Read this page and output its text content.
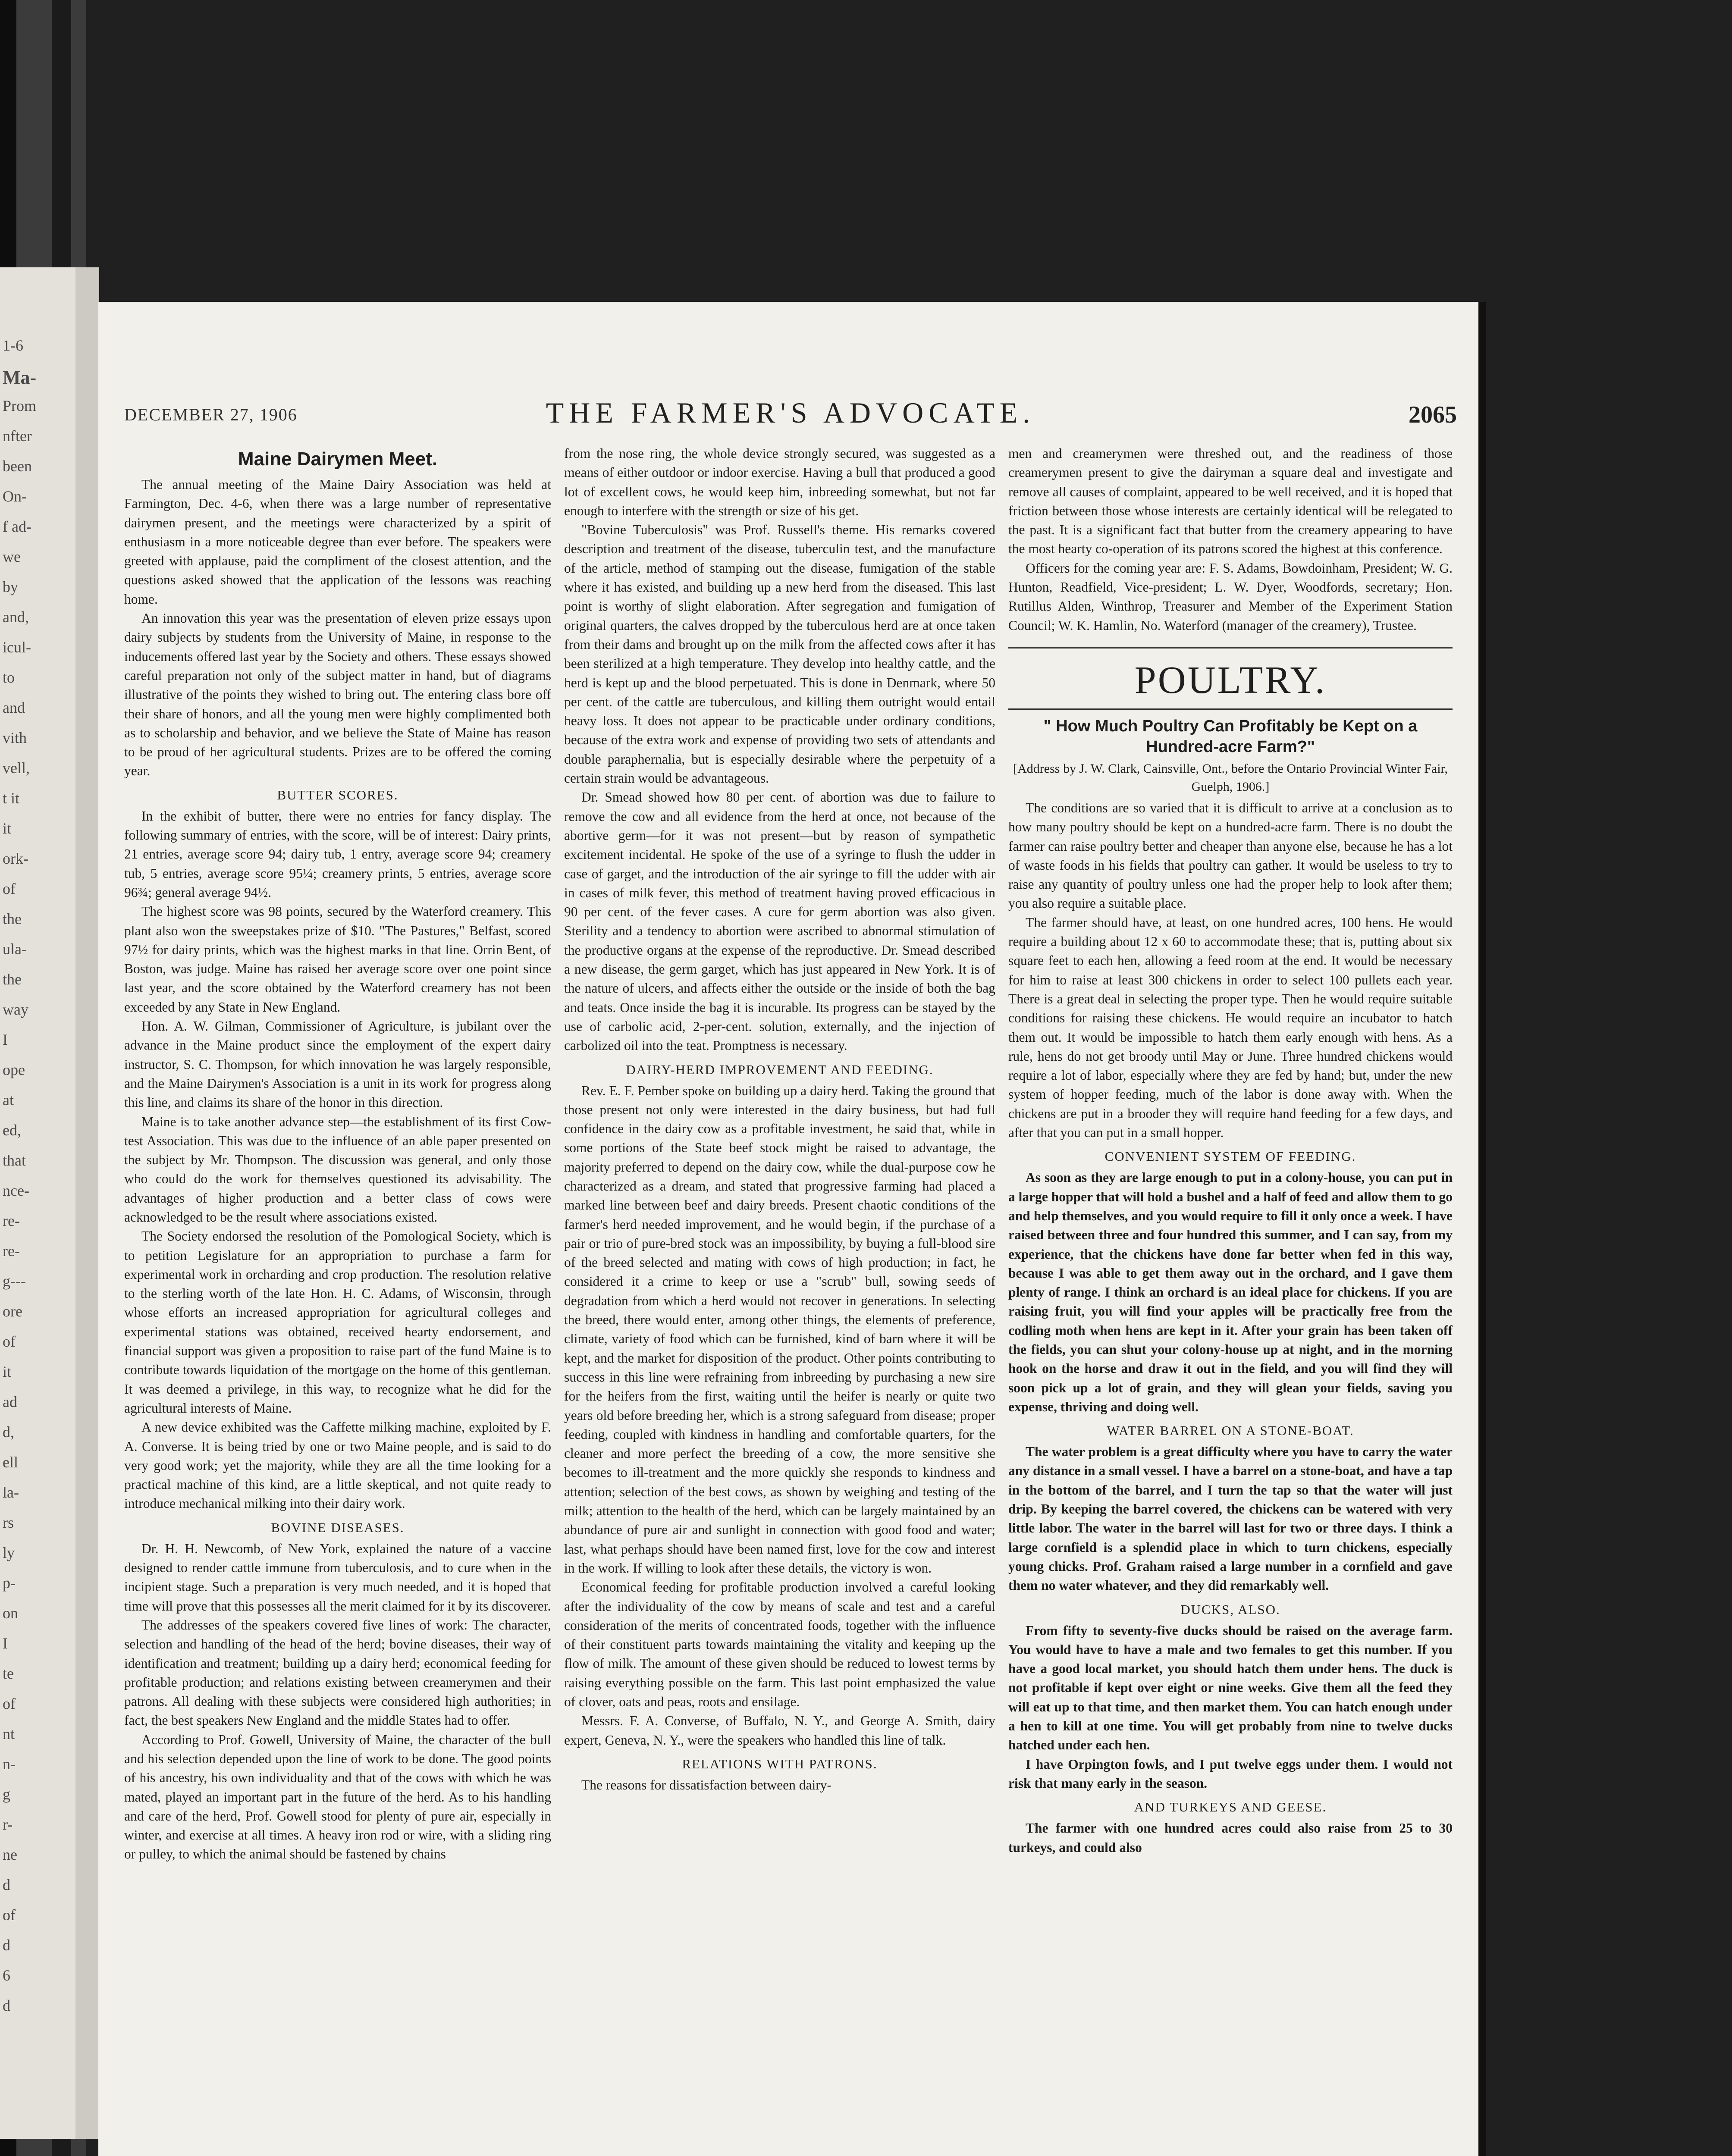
1-6
Ma-
Prom
nfter
been
On-
f ad-
we
by
and,
icul-
to
and
vith
vell,
t it
it
ork-
of
the
ula-
the
way
I
ope
at
ed,
that
nce-
re-
re-
g---
ore
of
it
ad
d,
ell
la-
rs
ly
p-
on
I
te
of
nt
n-
g
r-
ne
d
of
d
6
d
DECEMBER 27, 1906	THE FARMER'S ADVOCATE.	2065
Maine Dairymen Meet.

The annual meeting of the Maine Dairy Association was held at Farmington, Dec. 4-6, when there was a large number of representative dairymen present, and the meetings were characterized by a spirit of enthusiasm in a more noticeable degree than ever before. The speakers were greeted with applause, paid the compliment of the closest attention, and the questions asked showed that the application of the lessons was reaching home.

An innovation this year was the presentation of eleven prize essays upon dairy subjects by students from the University of Maine, in response to the inducements offered last year by the Society and others. These essays showed careful preparation not only of the subject matter in hand, but of diagrams illustrative of the points they wished to bring out. The entering class bore off their share of honors, and all the young men were highly complimented both as to scholarship and behavior, and we believe the State of Maine has reason to be proud of her agricultural students. Prizes are to be offered the coming year.

BUTTER SCORES.

In the exhibit of butter, there were no entries for fancy display. The following summary of entries, with the score, will be of interest: Dairy prints, 21 entries, average score 94; dairy tub, 1 entry, average score 94; creamery tub, 5 entries, average score 95¼; creamery prints, 5 entries, average score 96¾; general average 94½.

The highest score was 98 points, secured by the Waterford creamery. This plant also won the sweepstakes prize of $10. "The Pastures," Belfast, scored 97½ for dairy prints, which was the highest marks in that line. Orrin Bent, of Boston, was judge. Maine has raised her average score over one point since last year, and the score obtained by the Waterford creamery has not been exceeded by any State in New England.

Hon. A. W. Gilman, Commissioner of Agriculture, is jubilant over the advance in the Maine product since the employment of the expert dairy instructor, S. C. Thompson, for which innovation he was largely responsible, and the Maine Dairymen's Association is a unit in its work for progress along this line, and claims its share of the honor in this direction.

Maine is to take another advance step—the establishment of its first Cow-test Association. This was due to the influence of an able paper presented on the subject by Mr. Thompson. The discussion was general, and only those who could do the work for themselves questioned its advisability. The advantages of higher production and a better class of cows were acknowledged to be the result where associations existed.

The Society endorsed the resolution of the Pomological Society, which is to petition Legislature for an appropriation to purchase a farm for experimental work in orcharding and crop production. The resolution relative to the sterling worth of the late Hon. H. C. Adams, of Wisconsin, through whose efforts an increased appropriation for agricultural colleges and experimental stations was obtained, received hearty endorsement, and financial support was given a proposition to raise part of the fund Maine is to contribute towards liquidation of the mortgage on the home of this gentleman. It was deemed a privilege, in this way, to recognize what he did for the agricultural interests of Maine.

A new device exhibited was the Caffette milking machine, exploited by F. A. Converse. It is being tried by one or two Maine people, and is said to do very good work; yet the majority, while they are all the time looking for a practical machine of this kind, are a little skeptical, and not quite ready to introduce mechanical milking into their dairy work.

BOVINE DISEASES.

Dr. H. H. Newcomb, of New York, explained the nature of a vaccine designed to render cattle immune from tuberculosis, and to cure when in the incipient stage. Such a preparation is very much needed, and it is hoped that time will prove that this possesses all the merit claimed for it by its discoverer.

The addresses of the speakers covered five lines of work: The character, selection and handling of the head of the herd; bovine diseases, their way of identification and treatment; building up a dairy herd; economical feeding for profitable production; and relations existing between creamerymen and their patrons. All dealing with these subjects were considered high authorities; in fact, the best speakers New England and the middle States had to offer.

According to Prof. Gowell, University of Maine, the character of the bull and his selection depended upon the line of work to be done. The good points of his ancestry, his own individuality and that of the cows with which he was mated, played an important part in the future of the herd. As to his handling and care of the herd, Prof. Gowell stood for plenty of pure air, especially in winter, and exercise at all times. A heavy iron rod or wire, with a sliding ring or pulley, to which the animal should be fastened by chains

from the nose ring, the whole device strongly secured, was suggested as a means of either outdoor or indoor exercise. Having a bull that produced a good lot of excellent cows, he would keep him, inbreeding somewhat, but not far enough to interfere with the strength or size of his get.

"Bovine Tuberculosis" was Prof. Russell's theme. His remarks covered description and treatment of the disease, tuberculin test, and the manufacture of the article, method of stamping out the disease, fumigation of the stable where it has existed, and building up a new herd from the diseased. This last point is worthy of slight elaboration. After segregation and fumigation of original quarters, the calves dropped by the tuberculous herd are at once taken from their dams and brought up on the milk from the affected cows after it has been sterilized at a high temperature. They develop into healthy cattle, and the herd is kept up and the blood perpetuated. This is done in Denmark, where 50 per cent. of the cattle are tuberculous, and killing them outright would entail heavy loss. It does not appear to be practicable under ordinary conditions, because of the extra work and expense of providing two sets of attendants and double paraphernalia, but is especially desirable where the perpetuity of a certain strain would be advantageous.

Dr. Smead showed how 80 per cent. of abortion was due to failure to remove the cow and all evidence from the herd at once, not because of the abortive germ—for it was not present—but by reason of sympathetic excitement incidental. He spoke of the use of a syringe to flush the udder in case of garget, and the introduction of the air syringe to fill the udder with air in cases of milk fever, this method of treatment having proved efficacious in 90 per cent. of the fever cases. A cure for germ abortion was also given. Sterility and a tendency to abortion were ascribed to abnormal stimulation of the productive organs at the expense of the reproductive. Dr. Smead described a new disease, the germ garget, which has just appeared in New York. It is of the nature of ulcers, and affects either the outside or the inside of both the bag and teats. Once inside the bag it is incurable. Its progress can be stayed by the use of carbolic acid, 2-per-cent. solution, externally, and the injection of carbolized oil into the teat. Promptness is necessary.

DAIRY-HERD IMPROVEMENT AND FEEDING.

Rev. E. F. Pember spoke on building up a dairy herd. Taking the ground that those present not only were interested in the dairy business, but had full confidence in the dairy cow as a profitable investment, he said that, while in some portions of the State beef stock might be raised to advantage, the majority preferred to depend on the dairy cow, while the dual-purpose cow he characterized as a dream, and stated that progressive farming had placed a marked line between beef and dairy breeds. Present chaotic conditions of the farmer's herd needed improvement, and he would begin, if the purchase of a pair or trio of pure-bred stock was an impossibility, by buying a full-blood sire of the breed selected and mating with cows of high production; in fact, he considered it a crime to keep or use a "scrub" bull, sowing seeds of degradation from which a herd would not recover in generations. In selecting the breed, there would enter, among other things, the elements of preference, climate, variety of food which can be furnished, kind of barn where it will be kept, and the market for disposition of the product. Other points contributing to success in this line were refraining from inbreeding by purchasing a new sire for the heifers from the first, waiting until the heifer is nearly or quite two years old before breeding her, which is a strong safeguard from disease; proper feeding, coupled with kindness in handling and comfortable quarters, for the cleaner and more perfect the breeding of a cow, the more sensitive she becomes to ill-treatment and the more quickly she responds to kindness and attention; selection of the best cows, as shown by weighing and testing of the milk; attention to the health of the herd, which can be largely maintained by an abundance of pure air and sunlight in connection with good food and water; last, what perhaps should have been named first, love for the cow and interest in the work. If willing to look after these details, the victory is won.

Economical feeding for profitable production involved a careful looking after the individuality of the cow by means of scale and test and a careful consideration of the merits of concentrated foods, together with the influence of their constituent parts towards maintaining the vitality and keeping up the flow of milk. The amount of these given should be reduced to lowest terms by raising everything possible on the farm. This last point emphasized the value of clover, oats and peas, roots and ensilage.

Messrs. F. A. Converse, of Buffalo, N. Y., and George A. Smith, dairy expert, Geneva, N. Y., were the speakers who handled this line of talk.

RELATIONS WITH PATRONS.

The reasons for dissatisfaction between dairy-

men and creamerymen were threshed out, and the readiness of those creamerymen present to give the dairyman a square deal and investigate and remove all causes of complaint, appeared to be well received, and it is hoped that friction between those whose interests are certainly identical will be relegated to the past. It is a significant fact that butter from the creamery appearing to have the most hearty co-operation of its patrons scored the highest at this conference.

Officers for the coming year are: F. S. Adams, Bowdoinham, President; W. G. Hunton, Readfield, Vice-president; L. W. Dyer, Woodfords, secretary; Hon. Rutillus Alden, Winthrop, Treasurer and Member of the Experiment Station Council; W. K. Hamlin, No. Waterford (manager of the creamery), Trustee.

POULTRY.
" How Much Poultry Can Profitably be Kept on a Hundred-acre Farm?"

[Address by J. W. Clark, Cainsville, Ont., before the Ontario Provincial Winter Fair, Guelph, 1906.]

The conditions are so varied that it is difficult to arrive at a conclusion as to how many poultry should be kept on a hundred-acre farm. There is no doubt the farmer can raise poultry better and cheaper than anyone else, because he has a lot of waste foods in his fields that poultry can gather. It would be useless to try to raise any quantity of poultry unless one had the proper help to look after them; you also require a suitable place.

The farmer should have, at least, on one hundred acres, 100 hens. He would require a building about 12 x 60 to accommodate these; that is, putting about six square feet to each hen, allowing a feed room at the end. It would be necessary for him to raise at least 300 chickens in order to select 100 pullets each year. There is a great deal in selecting the proper type. Then he would require suitable conditions for raising these chickens. He would require an incubator to hatch them out. It would be impossible to hatch them early enough with hens. As a rule, hens do not get broody until May or June. Three hundred chickens would require a lot of labor, especially where they are fed by hand; but, under the new system of hopper feeding, much of the labor is done away with. When the chickens are put in a brooder they will require hand feeding for a few days, and after that you can put in a small hopper.

CONVENIENT SYSTEM OF FEEDING.

As soon as they are large enough to put in a colony-house, you can put in a large hopper that will hold a bushel and a half of feed and allow them to go and help themselves, and you would require to fill it only once a week. I have raised between three and four hundred this summer, and I can say, from my experience, that the chickens have done far better when fed in this way, because I was able to get them away out in the orchard, and I gave them plenty of range. I think an orchard is an ideal place for chickens. If you are raising fruit, you will find your apples will be practically free from the codling moth when hens are kept in it. After your grain has been taken off the fields, you can shut your colony-house up at night, and in the morning hook on the horse and draw it out in the field, and you will find they will soon pick up a lot of grain, and they will glean your fields, saving you expense, thriving and doing well.

WATER BARREL ON A STONE-BOAT.

The water problem is a great difficulty where you have to carry the water any distance in a small vessel. I have a barrel on a stone-boat, and have a tap in the bottom of the barrel, and I turn the tap so that the water will just drip. By keeping the barrel covered, the chickens can be watered with very little labor. The water in the barrel will last for two or three days. I think a large cornfield is a splendid place in which to turn chickens, especially young chicks. Prof. Graham raised a large number in a cornfield and gave them no water whatever, and they did remarkably well.

DUCKS, ALSO.

From fifty to seventy-five ducks should be raised on the average farm. You would have to have a male and two females to get this number. If you have a good local market, you should hatch them under hens. The duck is not profitable if kept over eight or nine weeks. Give them all the feed they will eat up to that time, and then market them. You can hatch enough under a hen to kill at one time. You will get probably from nine to twelve ducks hatched under each hen.

I have Orpington fowls, and I put twelve eggs under them. I would not risk that many early in the season.

AND TURKEYS AND GEESE.

The farmer with one hundred acres could also raise from 25 to 30 turkeys, and could also
